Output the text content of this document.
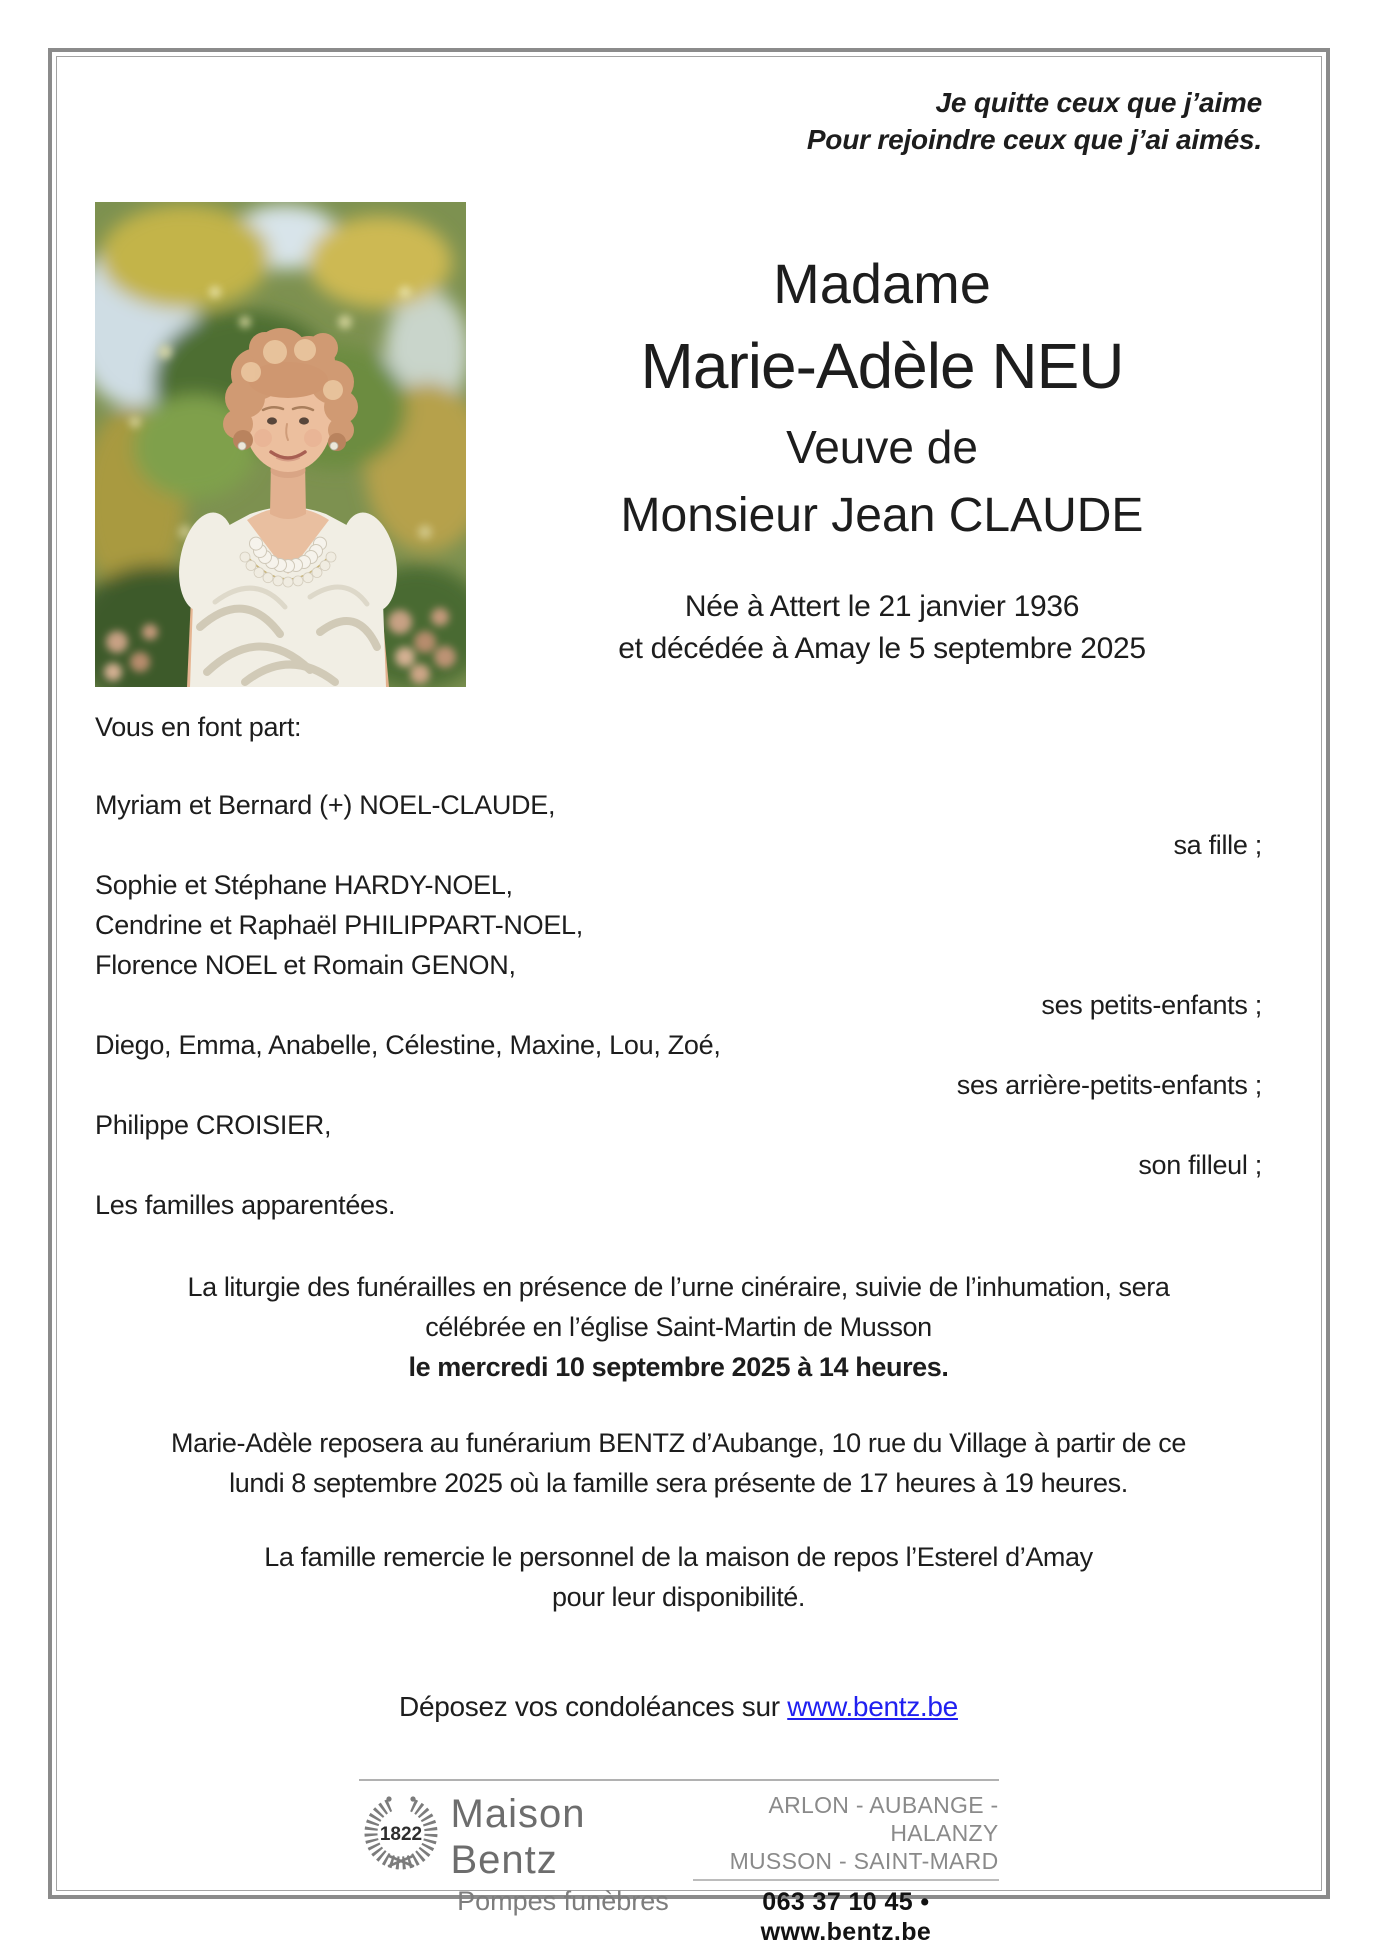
Je quitte ceux que j’aime
Pour rejoindre ceux que j’ai aimés.
Madame
Marie-Adèle NEU
Veuve de
Monsieur Jean CLAUDE
Née à Attert le 21 janvier 1936
et décédée à Amay le 5 septembre 2025
Vous en font part:
Myriam et Bernard (+) NOEL-CLAUDE,
sa fille ;
Sophie et Stéphane HARDY-NOEL,
Cendrine et Raphaël PHILIPPART-NOEL,
Florence NOEL et Romain GENON,
ses petits-enfants ;
Diego, Emma, Anabelle, Célestine, Maxine, Lou, Zoé,
ses arrière-petits-enfants ;
Philippe CROISIER,
son filleul ;
Les familles apparentées.
La liturgie des funérailles en présence de l’urne cinéraire, suivie de l’inhumation, sera
célébrée en l’église Saint-Martin de Musson
le mercredi 10 septembre 2025 à 14 heures.
Marie-Adèle reposera au funérarium BENTZ d’Aubange, 10 rue du Village à partir de ce
lundi 8 septembre 2025 où la famille sera présente de 17 heures à 19 heures.
La famille remercie le personnel de la maison de repos l’Esterel d’Amay
pour leur disponibilité.
Déposez vos condoléances sur www.bentz.be
1822 Maison Bentz
Pompes funèbres
ARLON - AUBANGE - HALANZY
MUSSON - SAINT-MARD
063 37 10 45 • www.bentz.be
